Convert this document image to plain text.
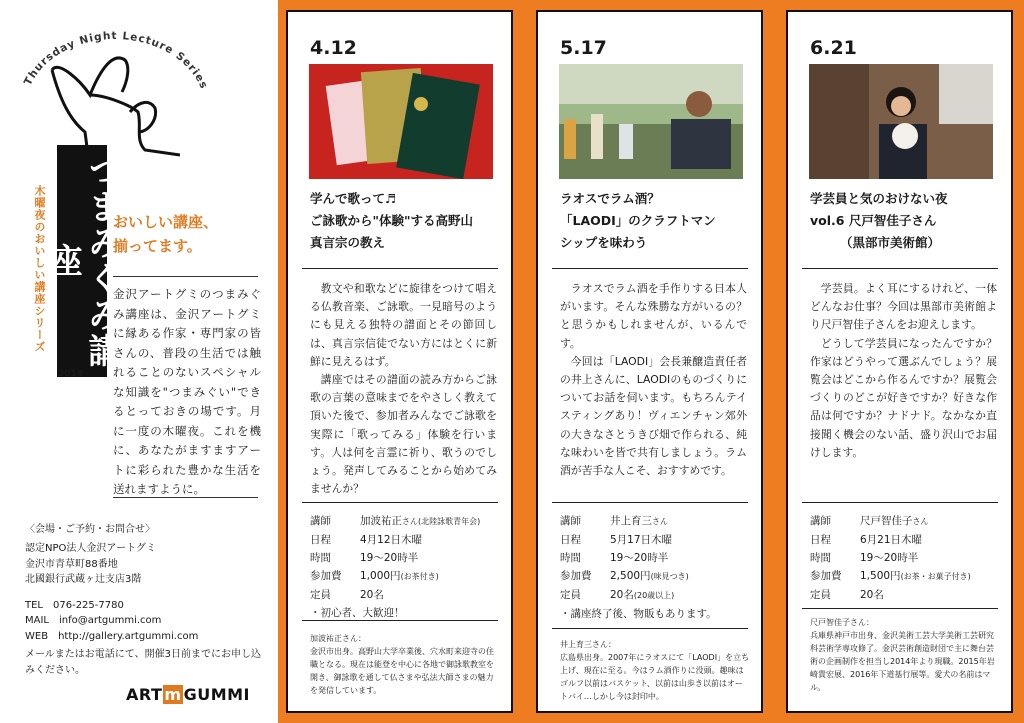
Thursday Night Lecture Series
つまみぐみ講座
木曜夜のおいしい講座シリーズ
2018
おいしい講座、
揃ってます。
金沢アートグミのつまみぐみ講座は、金沢アートグミに縁ある作家・専門家の皆さんの、普段の生活では触れることのないスペシャルな知識を"つまみぐい"できるとっておきの場です。月に一度の木曜夜。これを機に、あなたがますますアートに彩られた豊かな生活を送れますように。
〈会場・ご予約・お問合せ〉
認定NPO法人金沢アートグミ
金沢市青草町88番地
北國銀行武蔵ヶ辻支店3階
TEL　076-225-7780
MAIL　info@artgummi.com
WEB　http://gallery.artgummi.com
メールまたはお電話にて、開催3日前までにお申し込みください。
ART m GUMMI
4.12
学んで歌って♬
ご詠歌から"体験"する高野山
真言宗の教え

教文や和歌などに旋律をつけて唱える仏教音楽、ご詠歌。一見暗号のようにも見える独特の譜面とその節回しは、真言宗信徒でない方にはとくに新鮮に見えるはず。

講座ではその譜面の読み方からご詠歌の言葉の意味までをやさしく教えて頂いた後で、参加者みんなでご詠歌を実際に「歌ってみる」体験を行います。人は何を言霊に祈り、歌うのでしょう。発声してみることから始めてみませんか？

講師	加波祐正さん(北陸詠歌青年会)
日程	4月12日木曜
時間	19～20時半
参加費	1,000円(お茶付き)
定員	20名
・初心者、大歓迎！
加波祐正さん：
金沢市出身。高野山大学卒業後、穴水町来迎寺の住職となる。現在は能登を中心に各地で御詠歌教室を開き、御詠歌を通して仏さまや弘法大師さまの魅力を発信しています。
5.17
ラオスでラム酒？
「LAODI」のクラフトマン
シップを味わう

ラオスでラム酒を手作りする日本人がいます。そんな殊勝な方がいるの？と思うかもしれませんが、いるんです。

今回は「LAODI」会長兼醸造責任者の井上さんに、LAODIのものづくりについてお話を伺います。もちろんテイスティングあり！ヴィエンチャン郊外の大きなさとうきび畑で作られる、純な味わいを皆で共有しましょう。ラム酒が苦手な人こそ、おすすめです。

講師	井上育三さん
日程	5月17日木曜
時間	19～20時半
参加費	2,500円(味見つき)
定員	20名(20歳以上)
・講座終了後、物販もあります。
井上育三さん：
広島県出身。2007年にラオスにて「LAODI」を立ち上げ、現在に至る。今はラム酒作りに没頭。趣味はゴルフ以前はバスケット、以前は山歩き以前はオートバイ…しかし今は封印中。
6.21
学芸員と気のおけない夜
vol.6 尺戸智佳子さん
（黒部市美術館）

学芸員。よく耳にするけれど、一体どんなお仕事？今回は黒部市美術館より尺戸智佳子さんをお迎えします。

どうして学芸員になったんですか？作家はどうやって選ぶんでしょう？展覧会はどこから作るんですか？展覧会づくりのどこが好きですか？好きな作品は何ですか？ナドナド。なかなか直接聞く機会のない話、盛り沢山でお届けします。

講師	尺戸智佳子さん
日程	6月21日木曜
時間	19～20時半
参加費	1,500円(お茶・お菓子付き)
定員	20名
尺戸智佳子さん：
兵庫県神戸市出身、金沢美術工芸大学美術工芸研究科芸術学専攻修了。金沢芸術創造財団で主に舞台芸術の企画制作を担当し2014年より現職。2015年岩崎貴宏展、2016年下道基行展等。愛犬の名前はマル。
